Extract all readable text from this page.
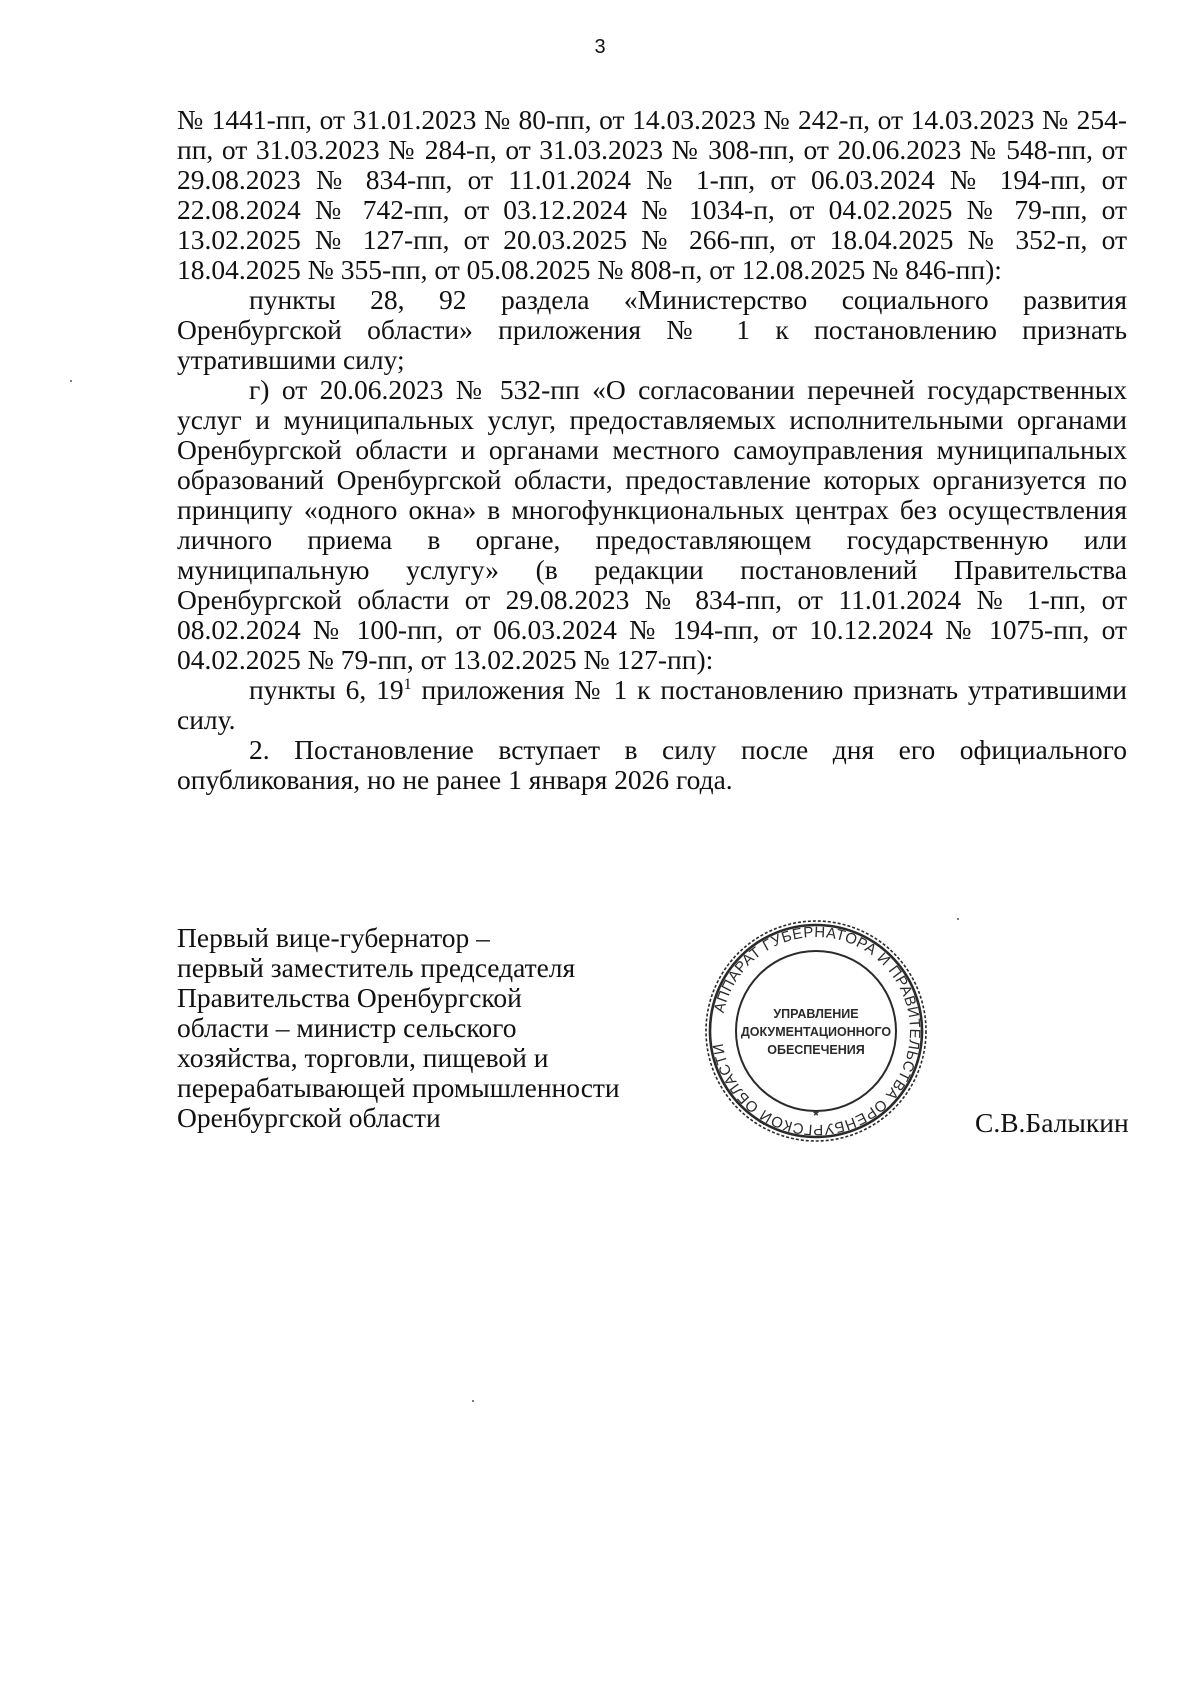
3

№ 1441-пп, от 31.01.2023 № 80-пп, от 14.03.2023 № 242-п, от 14.03.2023 № 254-пп, от 31.03.2023 № 284-п, от 31.03.2023 № 308-пп, от 20.06.2023 № 548-пп, от 29.08.2023 № 834-пп, от 11.01.2024 № 1-пп, от 06.03.2024 № 194-пп, от 22.08.2024 № 742-пп, от 03.12.2024 № 1034-п, от 04.02.2025 № 79-пп, от 13.02.2025 № 127-пп, от 20.03.2025 № 266-пп, от 18.04.2025 № 352-п, от 18.04.2025 № 355-пп, от 05.08.2025 № 808-п, от 12.08.2025 № 846-пп):

пункты 28, 92 раздела «Министерство социального развития Оренбургской области» приложения № 1 к постановлению признать утратившими силу;

г) от 20.06.2023 № 532-пп «О согласовании перечней государственных услуг и муниципальных услуг, предоставляемых исполнительными органами Оренбургской области и органами местного самоуправления муниципальных образований Оренбургской области, предоставление которых организуется по принципу «одного окна» в многофункциональных центрах без осуществления личного приема в органе, предоставляющем государственную или муниципальную услугу» (в редакции постановлений Правительства Оренбургской области от 29.08.2023 № 834-пп, от 11.01.2024 № 1-пп, от 08.02.2024 № 100-пп, от 06.03.2024 № 194-пп, от 10.12.2024 № 1075-пп, от 04.02.2025 № 79-пп, от 13.02.2025 № 127-пп):

пункты 6, $19^1$ приложения № 1 к постановлению признать утратившими силу.

2. Постановление вступает в силу после дня его официального опубликования, но не ранее 1 января 2026 года.

Первый вице-губернатор –
первый заместитель председателя
Правительства Оренбургской
области – министр сельского
хозяйства, торговли, пищевой и
перерабатывающей промышленности
Оренбургской области
АППАРАТ ГУБЕРНАТОРА И ПРАВИТЕЛЬСТВА ОРЕНБУРГСКОЙ ОБЛАСТИ
*
УПРАВЛЕНИЕ
ДОКУМЕНТАЦИОННОГО
ОБЕСПЕЧЕНИЯ
С.В.Балыкин
